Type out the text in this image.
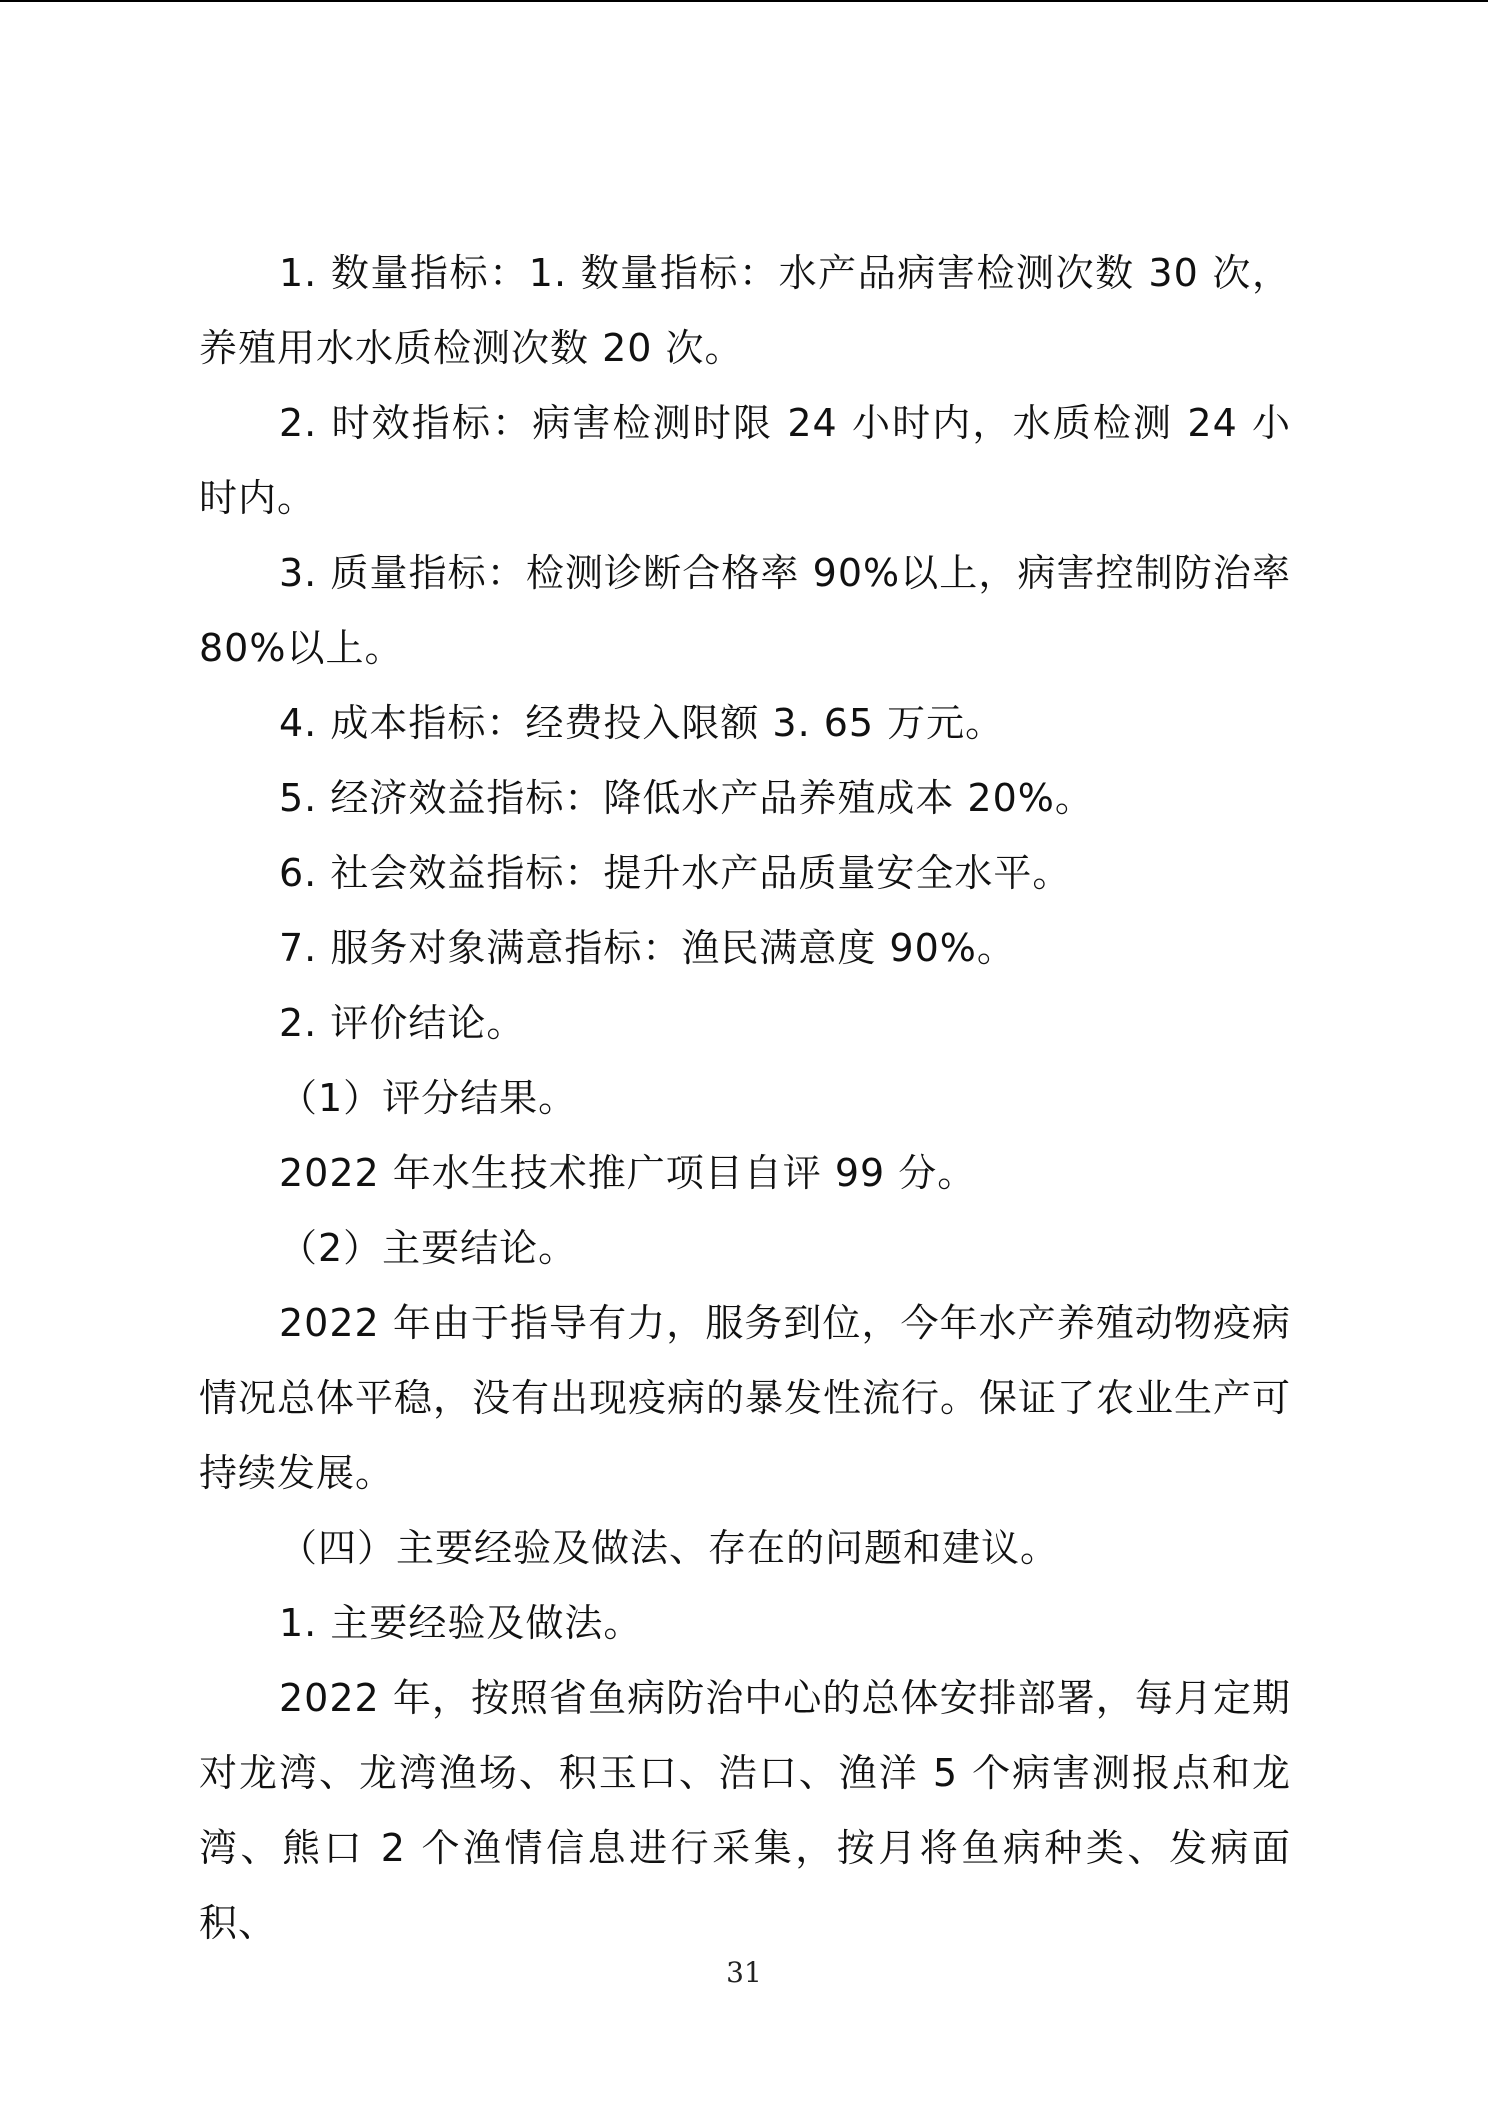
1. 数量指标：1. 数量指标：水产品病害检测次数 30 次，养殖用水水质检测次数 20 次。

2. 时效指标：病害检测时限 24 小时内，水质检测 24 小时内。

3. 质量指标：检测诊断合格率 90%以上，病害控制防治率 80%以上。

4. 成本指标：经费投入限额 3. 65 万元。

5. 经济效益指标：降低水产品养殖成本 20%。

6. 社会效益指标：提升水产品质量安全水平。

7. 服务对象满意指标：渔民满意度 90%。

2. 评价结论。

（1）评分结果。

2022 年水生技术推广项目自评 99 分。

（2）主要结论。

2022 年由于指导有力，服务到位，今年水产养殖动物疫病情况总体平稳，没有出现疫病的暴发性流行。保证了农业生产可持续发展。

（四）主要经验及做法、存在的问题和建议。

1. 主要经验及做法。

2022 年，按照省鱼病防治中心的总体安排部署，每月定期对龙湾、龙湾渔场、积玉口、浩口、渔洋 5 个病害测报点和龙湾、熊口 2 个渔情信息进行采集，按月将鱼病种类、发病面积、

31
